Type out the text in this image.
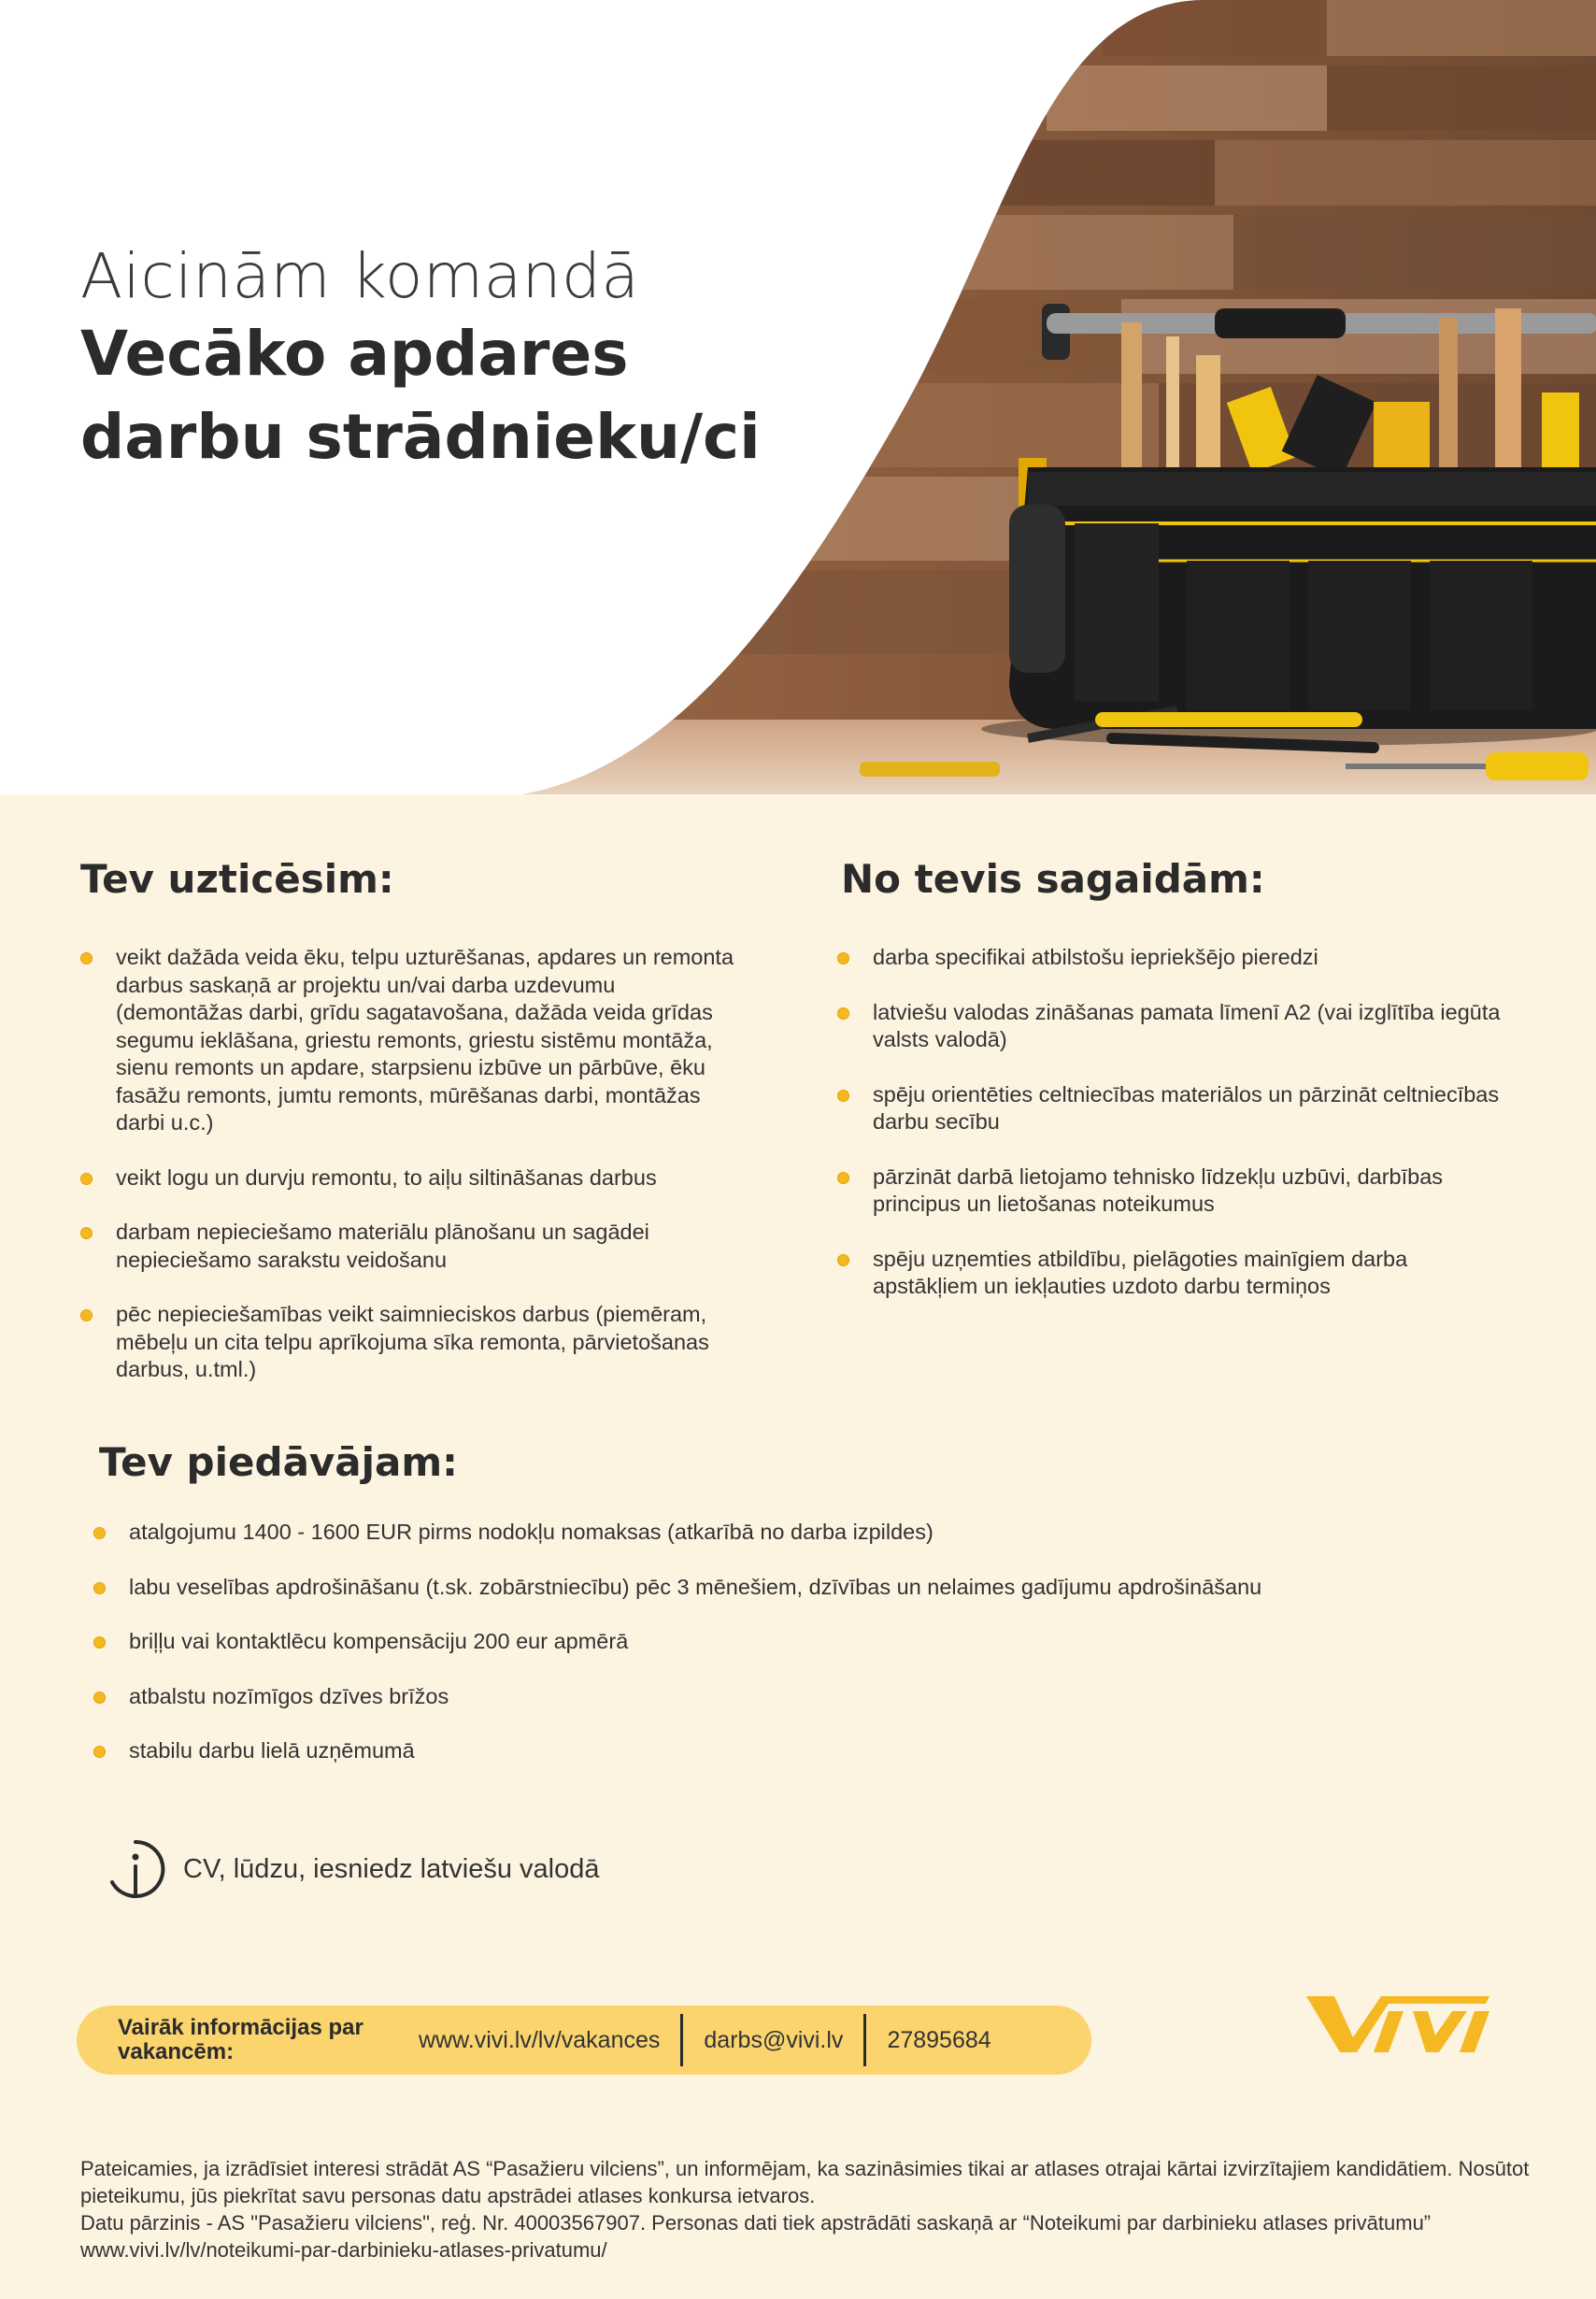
Aicinām komandā
Vecāko apdares
darbu strādnieku/ci
Tev uzticēsim:
veikt dažāda veida ēku, telpu uzturēšanas, apdares un remonta darbus saskaņā ar projektu un/vai darba uzdevumu (demontāžas darbi, grīdu sagatavošana, dažāda veida grīdas segumu ieklāšana, griestu remonts, griestu sistēmu montāža, sienu remonts un apdare, starpsienu izbūve un pārbūve, ēku fasāžu remonts, jumtu remonts, mūrēšanas darbi, montāžas darbi u.c.)
veikt logu un durvju remontu, to aiļu siltināšanas darbus
darbam nepieciešamo materiālu plānošanu un sagādei nepieciešamo sarakstu veidošanu
pēc nepieciešamības veikt saimnieciskos darbus (piemēram, mēbeļu un cita telpu aprīkojuma sīka remonta, pārvietošanas darbus, u.tml.)
No tevis sagaidām:
darba specifikai atbilstošu iepriekšējo pieredzi
latviešu valodas zināšanas pamata līmenī A2 (vai izglītība iegūta valsts valodā)
spēju orientēties celtniecības materiālos un pārzināt celtniecības darbu secību
pārzināt darbā lietojamo tehnisko līdzekļu uzbūvi, darbības principus un lietošanas noteikumus
spēju uzņemties atbildību, pielāgoties mainīgiem darba apstākļiem un iekļauties uzdoto darbu termiņos
Tev piedāvājam:
atalgojumu 1400 - 1600 EUR pirms nodokļu nomaksas (atkarībā no darba izpildes)
labu veselības apdrošināšanu (t.sk. zobārstniecību) pēc 3 mēnešiem, dzīvības un nelaimes gadījumu apdrošināšanu
briļļu vai kontaktlēcu kompensāciju 200 eur apmērā
atbalstu nozīmīgos dzīves brīžos
stabilu darbu lielā uzņēmumā
CV, lūdzu, iesniedz latviešu valodā
Vairāk informācijas par vakancēm:	www.vivi.lv/lv/vakances	darbs@vivi.lv	27895684

Pateicamies, ja izrādīsiet interesi strādāt AS “Pasažieru vilciens”, un informējam, ka sazināsimies tikai ar atlases otrajai kārtai izvirzītajiem kandidātiem. Nosūtot pieteikumu, jūs piekrītat savu personas datu apstrādei atlases konkursa ietvaros.

Datu pārzinis - AS "Pasažieru vilciens", reģ. Nr. 40003567907. Personas dati tiek apstrādāti saskaņā ar “Noteikumi par darbinieku atlases privātumu” www.vivi.lv/lv/noteikumi-par-darbinieku-atlases-privatumu/
